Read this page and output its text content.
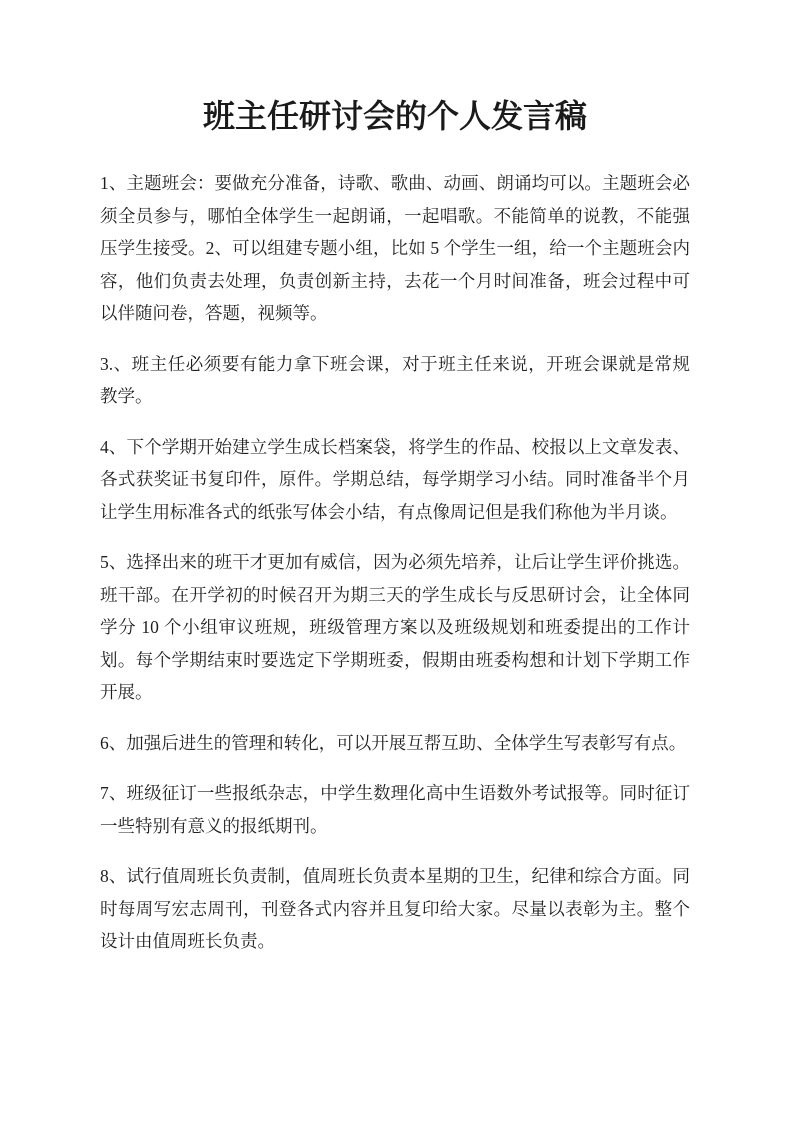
班主任研讨会的个人发言稿

1、主题班会：要做充分准备，诗歌、歌曲、动画、朗诵均可以。主题班会必须全员参与，哪怕全体学生一起朗诵，一起唱歌。不能简单的说教，不能强压学生接受。2、可以组建专题小组，比如 5 个学生一组，给一个主题班会内容，他们负责去处理，负责创新主持，去花一个月时间准备，班会过程中可以伴随问卷，答题，视频等。

3.、班主任必须要有能力拿下班会课，对于班主任来说，开班会课就是常规教学。

4、下个学期开始建立学生成长档案袋，将学生的作品、校报以上文章发表、各式获奖证书复印件，原件。学期总结，每学期学习小结。同时准备半个月让学生用标准各式的纸张写体会小结，有点像周记但是我们称他为半月谈。

5、选择出来的班干才更加有威信，因为必须先培养，让后让学生评价挑选。班干部。在开学初的时候召开为期三天的学生成长与反思研讨会，让全体同学分 10 个小组审议班规，班级管理方案以及班级规划和班委提出的工作计划。每个学期结束时要选定下学期班委，假期由班委构想和计划下学期工作开展。

6、加强后进生的管理和转化，可以开展互帮互助、全体学生写表彰写有点。

7、班级征订一些报纸杂志，中学生数理化高中生语数外考试报等。同时征订一些特别有意义的报纸期刊。

8、试行值周班长负责制，值周班长负责本星期的卫生，纪律和综合方面。同时每周写宏志周刊，刊登各式内容并且复印给大家。尽量以表彰为主。整个设计由值周班长负责。
